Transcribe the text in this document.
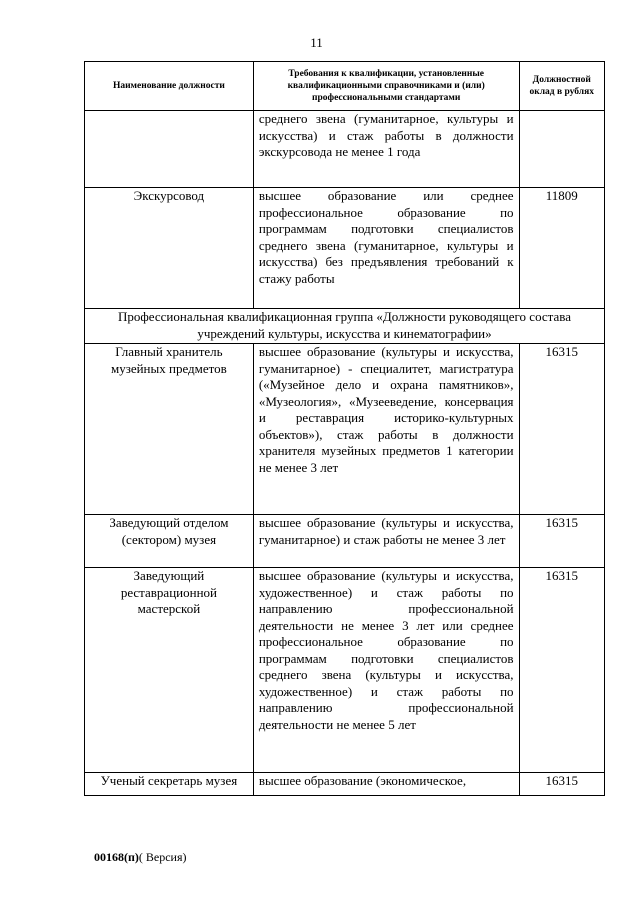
11
Наименование должности	Требования к квалификации, установленные квалификационными справочниками и (или) профессиональными стандартами	Должностной оклад в рублях
	среднего звена (гуманитарное, культуры и искусства) и стаж работы в должности экскурсовода не менее 1 года	
Экскурсовод	высшее образование или среднее профессиональное образование по программам подготовки специалистов среднего звена (гуманитарное, культуры и искусства) без предъявления требований к стажу работы	11809
Профессиональная квалификационная группа «Должности руководящего состава учреждений культуры, искусства и кинематографии»		
Главный хранитель музейных предметов	высшее образование (культуры и искусства, гуманитарное) - специалитет, магистратура («Музейное дело и охрана памятников», «Музеология», «Музееведение, консервация и реставрация историко-культурных объектов»), стаж работы в должности хранителя музейных предметов 1 категории не менее 3 лет	16315
Заведующий отделом (сектором) музея	высшее образование (культуры и искусства, гуманитарное) и стаж работы не менее 3 лет	16315
Заведующий реставрационной мастерской	высшее образование (культуры и искусства, художественное) и стаж работы по направлению профессиональной деятельности не менее 3 лет или среднее профессиональное образование по программам подготовки специалистов среднего звена (культуры и искусства, художественное) и стаж работы по направлению профессиональной деятельности не менее 5 лет	16315
Ученый секретарь музея	высшее образование (экономическое,	16315
00168(п)( Версия)
